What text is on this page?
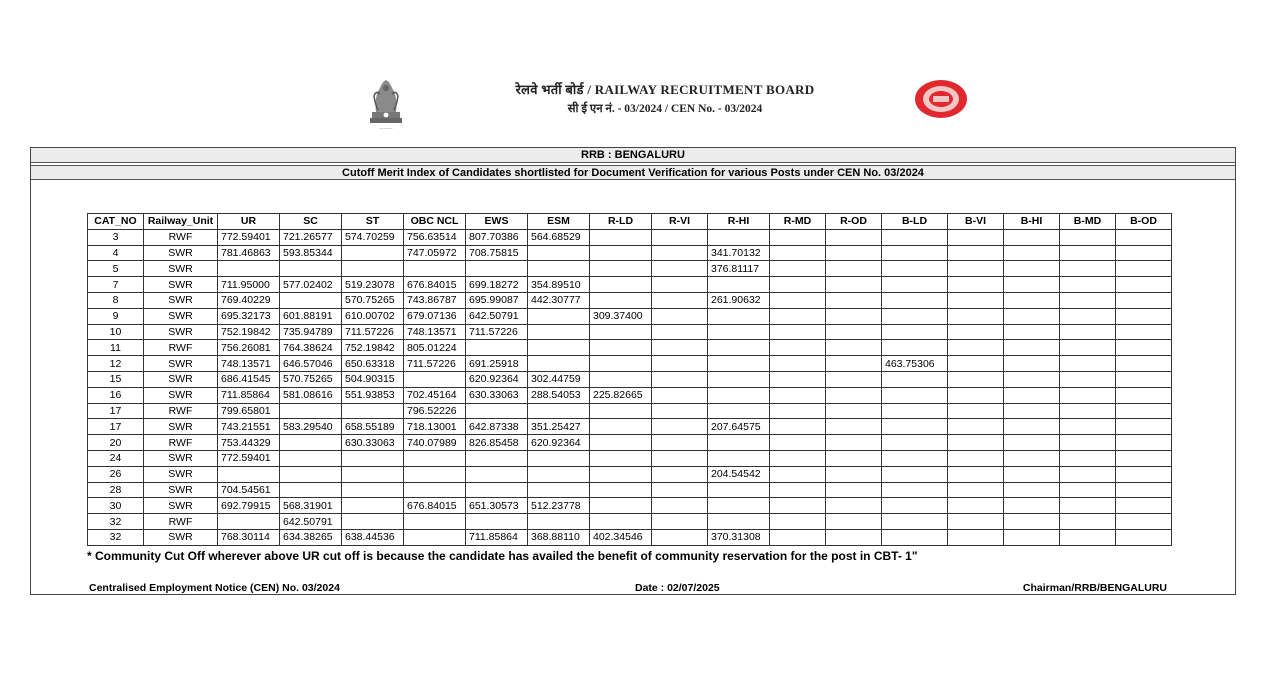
———
रेलवे भर्ती बोर्ड / RAILWAY RECRUITMENT BOARD
सी ई एन नं. - 03/2024 / CEN No. - 03/2024
RRB : BENGALURU
Cutoff Merit Index of Candidates shortlisted for Document Verification for various Posts under CEN No. 03/2024
CAT_NO	Railway_Unit	UR	SC	ST	OBC NCL	EWS	ESM	R-LD	R-VI	R-HI	R-MD	R-OD	B-LD	B-VI	B-HI	B-MD	B-OD
3	RWF	772.59401	721.26577	574.70259	756.63514	807.70386	564.68529										
4	SWR	781.46863	593.85344		747.05972	708.75815				341.70132							
5	SWR									376.81117							
7	SWR	711.95000	577.02402	519.23078	676.84015	699.18272	354.89510										
8	SWR	769.40229		570.75265	743.86787	695.99087	442.30777			261.90632							
9	SWR	695.32173	601.88191	610.00702	679.07136	642.50791		309.37400									
10	SWR	752.19842	735.94789	711.57226	748.13571	711.57226											
11	RWF	756.26081	764.38624	752.19842	805.01224												
12	SWR	748.13571	646.57046	650.63318	711.57226	691.25918							463.75306				
15	SWR	686.41545	570.75265	504.90315		620.92364	302.44759										
16	SWR	711.85864	581.08616	551.93853	702.45164	630.33063	288.54053	225.82665									
17	RWF	799.65801			796.52226												
17	SWR	743.21551	583.29540	658.55189	718.13001	642.87338	351.25427			207.64575							
20	RWF	753.44329		630.33063	740.07989	826.85458	620.92364										
24	SWR	772.59401															
26	SWR									204.54542							
28	SWR	704.54561															
30	SWR	692.79915	568.31901		676.84015	651.30573	512.23778										
32	RWF		642.50791														
32	SWR	768.30114	634.38265	638.44536		711.85864	368.88110	402.34546		370.31308							
* Community Cut Off wherever above UR cut off is because the candidate has availed the benefit of community reservation for the post in CBT- 1"
Centralised Employment Notice (CEN) No. 03/2024	Date : 02/07/2025	Chairman/RRB/BENGALURU
